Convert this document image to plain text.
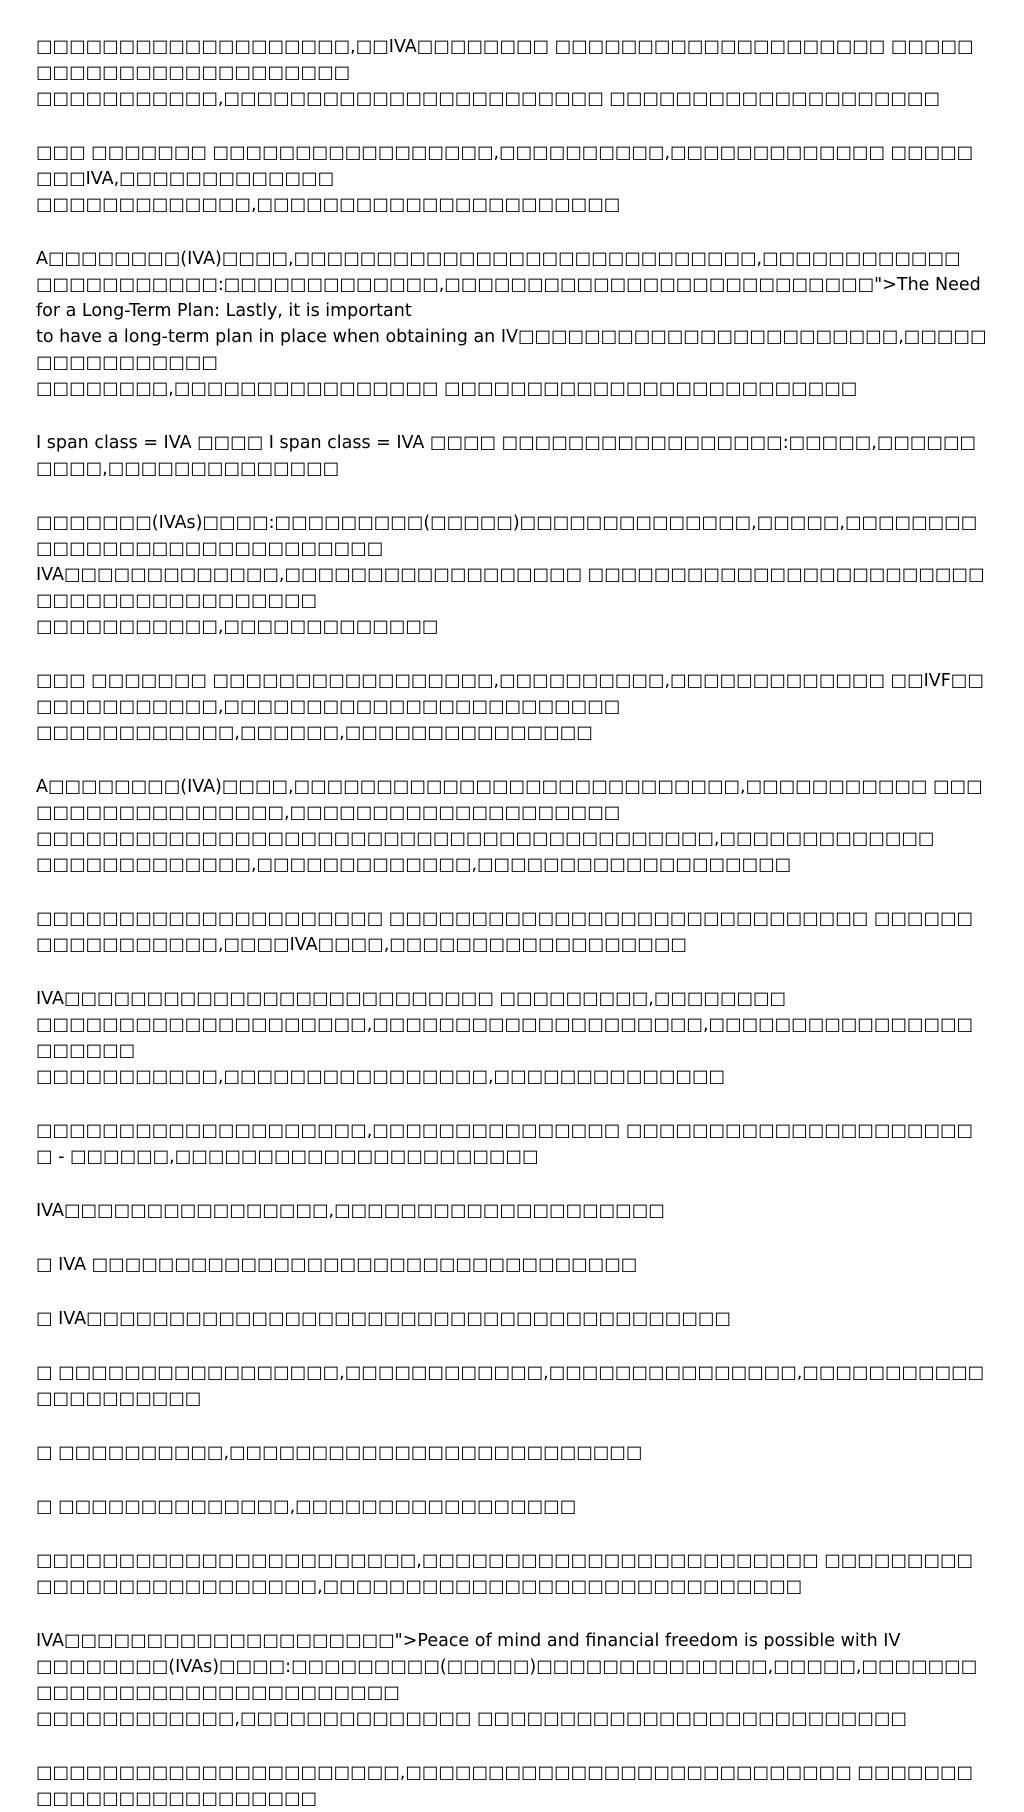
□□□□□□□□□□□□□□□□□□□,□□IVA□□□□□□□□ □□□□□□□□□□□□□□□□□□□□ □□□□□□□□□□□□□□□□□□□□□□□□
□□□□□□□□□□□,□□□□□□□□□□□□□□□□□□□□□□□ □□□□□□□□□□□□□□□□□□□□

□□□ □□□□□□□ □□□□□□□□□□□□□□□□□,□□□□□□□□□□,□□□□□□□□□□□□□ □□□□□□□□IVA,□□□□□□□□□□□□□
□□□□□□□□□□□□□,□□□□□□□□□□□□□□□□□□□□□□

A□□□□□□□□(IVA)□□□□,□□□□□□□□□□□□□□□□□□□□□□□□□□□□,□□□□□□□□□□□□
□□□□□□□□□□□:□□□□□□□□□□□□□,□□□□□□□□□□□□□□□□□□□□□□□□□□">The Need for a Long-Term Plan: Lastly, it is important
to have a long-term plan in place when obtaining an IV□□□□□□□□□□□□□□□□□□□□□□□,□□□□□□□□□□□□□□□□
□□□□□□□□,□□□□□□□□□□□□□□□□ □□□□□□□□□□□□□□□□□□□□□□□□□

I span class = IVA □□□□ I span class = IVA □□□□ □□□□□□□□□□□□□□□□□:□□□□□,□□□□□□□□□□,□□□□□□□□□□□□□□

□□□□□□□(IVAs)□□□□:□□□□□□□□□(□□□□□)□□□□□□□□□□□□□□,□□□□□,□□□□□□□□□□□□□□□□□□□□□□□□□□□□□
IVA□□□□□□□□□□□□□,□□□□□□□□□□□□□□□□□□ □□□□□□□□□□□□□□□□□□□□□□□□□□□□□□□□□□□□□□□□□
□□□□□□□□□□□,□□□□□□□□□□□□□

□□□ □□□□□□□ □□□□□□□□□□□□□□□□□,□□□□□□□□□□,□□□□□□□□□□□□□ □□IVF□□□□□□□□□□□□□,□□□□□□□□□□□□□□□□□□□□□□□□
□□□□□□□□□□□□,□□□□□□,□□□□□□□□□□□□□□□

A□□□□□□□□(IVA)□□□□,□□□□□□□□□□□□□□□□□□□□□□□□□□□,□□□□□□□□□□□ □□□□□□□□□□□□□□□□□□,□□□□□□□□□□□□□□□□□□□□
□□□□□□□□□□□□□□□□□□□□□□□□□□□□□□□□□□□□□□□□□,□□□□□□□□□□□□□
□□□□□□□□□□□□□,□□□□□□□□□□□□□,□□□□□□□□□□□□□□□□□□□

□□□□□□□□□□□□□□□□□□□□□ □□□□□□□□□□□□□□□□□□□□□□□□□□□□□ □□□□□□□□□□□□□□□□□,□□□□IVA□□□□,□□□□□□□□□□□□□□□□□□

IVA□□□□□□□□□□□□□□□□□□□□□□□□□□ □□□□□□□□□,□□□□□□□□
□□□□□□□□□□□□□□□□□□□□,□□□□□□□□□□□□□□□□□□□□,□□□□□□□□□□□□□□□□□□□□□□
□□□□□□□□□□□,□□□□□□□□□□□□□□□□,□□□□□□□□□□□□□□

□□□□□□□□□□□□□□□□□□□□,□□□□□□□□□□□□□□□ □□□□□□□□□□□□□□□□□□□□□□ - □□□□□□,□□□□□□□□□□□□□□□□□□□□□□

IVA□□□□□□□□□□□□□□□□,□□□□□□□□□□□□□□□□□□□□

□ IVA □□□□□□□□□□□□□□□□□□□□□□□□□□□□□□□□□

□ IVA□□□□□□□□□□□□□□□□□□□□□□□□□□□□□□□□□□□□□□□

□ □□□□□□□□□□□□□□□□□,□□□□□□□□□□□□,□□□□□□□□□□□□□□□,□□□□□□□□□□□□□□□□□□□□□

□ □□□□□□□□□□,□□□□□□□□□□□□□□□□□□□□□□□□□

□ □□□□□□□□□□□□□□,□□□□□□□□□□□□□□□□□

□□□□□□□□□□□□□□□□□□□□□□□,□□□□□□□□□□□□□□□□□□□□□□□□ □□□□□□□□□□□□□□□□□□□□□□□□□□,□□□□□□□□□□□□□□□□□□□□□□□□□□□□□

IVA□□□□□□□□□□□□□□□□□□□□">Peace of mind and financial freedom is possible with IV
□□□□□□□□(IVAs)□□□□:□□□□□□□□□(□□□□□)□□□□□□□□□□□□□□,□□□□□,□□□□□□□□□□□□□□□□□□□□□□□□□□□□□
□□□□□□□□□□□□,□□□□□□□□□□□□□□ □□□□□□□□□□□□□□□□□□□□□□□□□□

□□□□□□□□□□□□□□□□□□□□□□,□□□□□□□□□□□□□□□□□□□□□□□□□□□ □□□□□□□□□□□□□□□□□□□□□□□□
